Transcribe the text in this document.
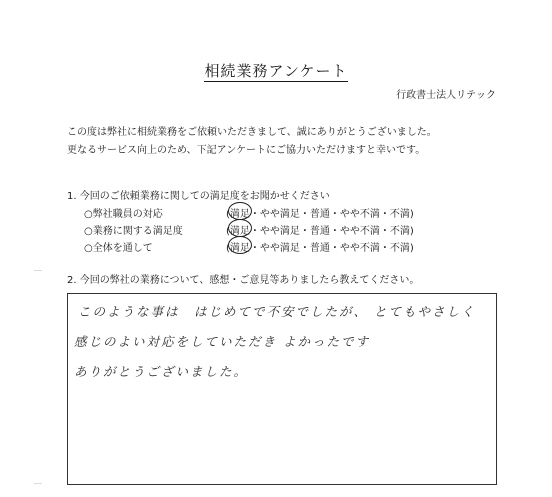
相続業務アンケート
行政書士法人リテック
この度は弊社に相続業務をご依頼いただきまして、誠にありがとうございました。
更なるサービス向上のため、下記アンケートにご協力いただけますと幸いです。
1. 今回のご依頼業務に関しての満足度をお聞かせください
○弊社職員の対応	(満足・やや満足・普通・やや不満・不満)
○業務に関する満足度	(満足・やや満足・普通・やや不満・不満)
○全体を通して	(満足・やや満足・普通・やや不満・不満)
2. 今回の弊社の業務について、感想・ご意見等ありましたら教えてください。
このような事は　はじめてで不安でしたが、 とてもやさしく
感じのよい対応をしていただき よかったです
ありがとうございました。
